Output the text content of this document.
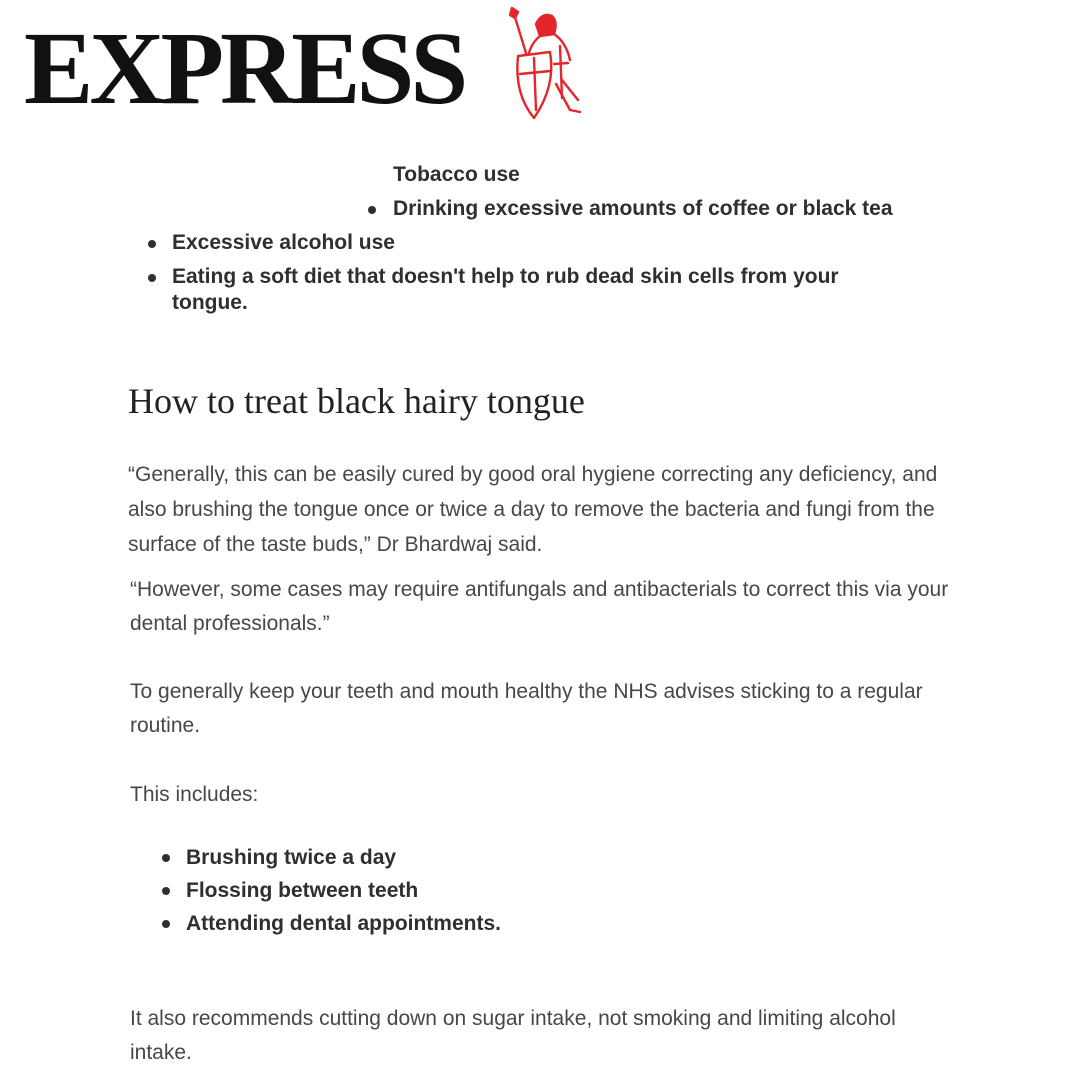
EXPRESS
Tobacco use
Drinking excessive amounts of coffee or black tea
Excessive alcohol use
Eating a soft diet that doesn't help to rub dead skin cells from your
tongue.
How to treat black hairy tongue

“Generally, this can be easily cured by good oral hygiene correcting any deficiency, and also brushing the tongue once or twice a day to remove the bacteria and fungi from the surface of the taste buds,” Dr Bhardwaj said.

“However, some cases may require antifungals and antibacterials to correct this via your dental professionals.”

To generally keep your teeth and mouth healthy the NHS advises sticking to a regular routine.

This includes:

Brushing twice a day
Flossing between teeth
Attending dental appointments.

It also recommends cutting down on sugar intake, not smoking and limiting alcohol intake.
